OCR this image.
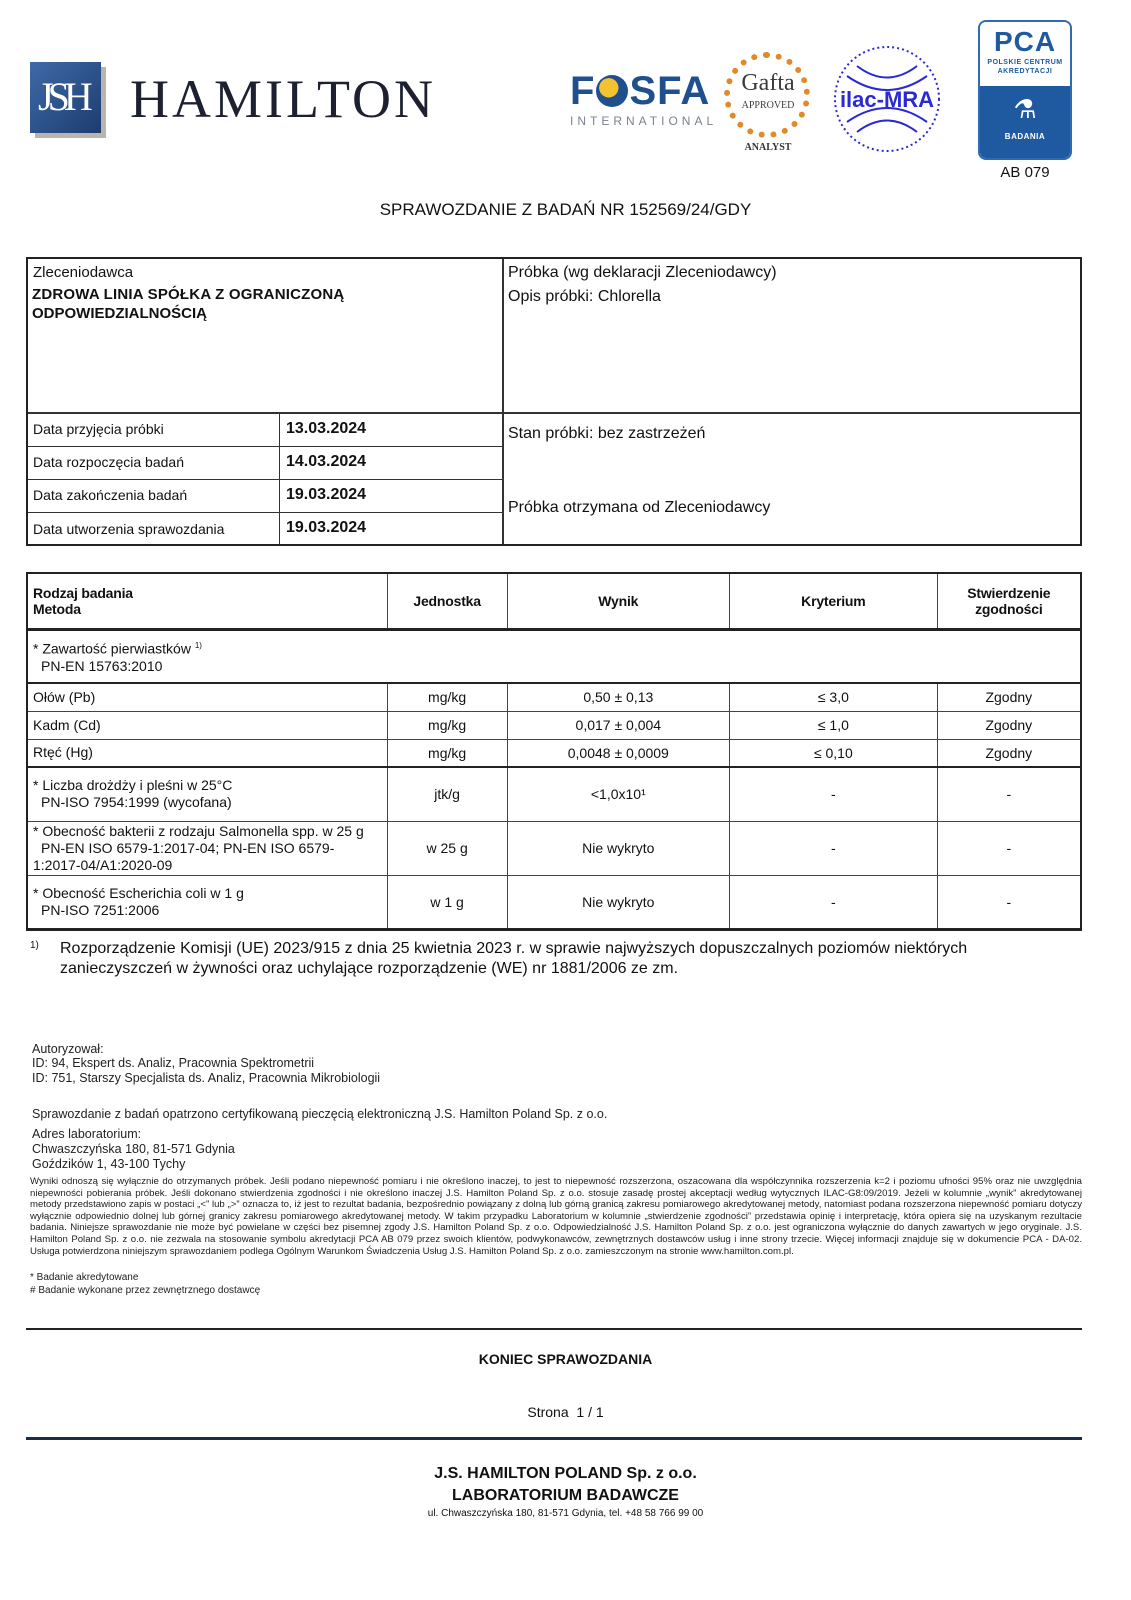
JSH HAMILTON	F SFA
INTERNATIONAL
Gafta
APPROVED
ANALYST
ilac-MRA
PCA
POLSKIE CENTRUM
AKREDYTACJI
⚗
BADANIA
AB 079
SPRAWOZDANIE Z BADAŃ NR 152569/24/GDY
Zleceniodawca
ZDROWA LINIA SPÓŁKA Z OGRANICZONĄ
ODPOWIEDZIALNOŚCIĄ
Próbka (wg deklaracji Zleceniodawcy)
Opis próbki: Chlorella
Data przyjęcia próbki	13.03.2024
Data rozpoczęcia badań	14.03.2024
Data zakończenia badań	19.03.2024
Data utworzenia sprawozdania	19.03.2024
Stan próbki: bez zastrzeżeń
Próbka otrzymana od Zleceniodawcy
Rodzaj badania
Metoda	Jednostka	Wynik	Kryterium	Stwierdzenie
zgodności

* Zawartość pierwiastków $^{1)}$
PN-EN 15763:2010				
Ołów (Pb)	mg/kg	0,50 ± 0,13	≤ 3,0	Zgodny
Kadm (Cd)	mg/kg	0,017 ± 0,004	≤ 1,0	Zgodny
Rtęć (Hg)	mg/kg	0,0048 ± 0,0009	≤ 0,10	Zgodny

* Liczba drożdży i pleśni w 25°C
PN-ISO 7954:1999 (wycofana)	jtk/g	<1,0x10¹	-	-

* Obecność bakterii z rodzaju Salmonella spp. w 25 g
PN-EN ISO 6579-1:2017-04; PN-EN ISO 6579-
1:2017-04/A1:2020-09	w 25 g	Nie wykryto	-	-

* Obecność Escherichia coli w 1 g
PN-ISO 7251:2006	w 1 g	Nie wykryto	-	-
1) Rozporządzenie Komisji (UE) 2023/915 z dnia 25 kwietnia 2023 r. w sprawie najwyższych dopuszczalnych poziomów niektórych zanieczyszczeń w żywności oraz uchylające rozporządzenie (WE) nr 1881/2006 ze zm.
Autoryzował:
ID: 94, Ekspert ds. Analiz, Pracownia Spektrometrii
ID: 751, Starszy Specjalista ds. Analiz, Pracownia Mikrobiologii
Sprawozdanie z badań opatrzono certyfikowaną pieczęcią elektroniczną J.S. Hamilton Poland Sp. z o.o.
Adres laboratorium:
Chwaszczyńska 180, 81-571 Gdynia
Goździków 1, 43-100 Tychy
Wyniki odnoszą się wyłącznie do otrzymanych próbek. Jeśli podano niepewność pomiaru i nie określono inaczej, to jest to niepewność rozszerzona, oszacowana dla współczynnika rozszerzenia k=2 i poziomu ufności 95% oraz nie uwzględnia niepewności pobierania próbek. Jeśli dokonano stwierdzenia zgodności i nie określono inaczej J.S. Hamilton Poland Sp. z o.o. stosuje zasadę prostej akceptacji według wytycznych ILAC-G8:09/2019. Jeżeli w kolumnie „wynik” akredytowanej metody przedstawiono zapis w postaci „<” lub „>” oznacza to, iż jest to rezultat badania, bezpośrednio powiązany z dolną lub górną granicą zakresu pomiarowego akredytowanej metody, natomiast podana rozszerzona niepewność pomiaru dotyczy wyłącznie odpowiednio dolnej lub górnej granicy zakresu pomiarowego akredytowanej metody. W takim przypadku Laboratorium w kolumnie „stwierdzenie zgodności” przedstawia opinię i interpretację, która opiera się na uzyskanym rezultacie badania. Niniejsze sprawozdanie nie może być powielane w części bez pisemnej zgody J.S. Hamilton Poland Sp. z o.o. Odpowiedzialność J.S. Hamilton Poland Sp. z o.o. jest ograniczona wyłącznie do danych zawartych w jego oryginale. J.S. Hamilton Poland Sp. z o.o. nie zezwala na stosowanie symbolu akredytacji PCA AB 079 przez swoich klientów, podwykonawców, zewnętrznych dostawców usług i inne strony trzecie. Więcej informacji znajduje się w dokumencie PCA - DA-02. Usługa potwierdzona niniejszym sprawozdaniem podlega Ogólnym Warunkom Świadczenia Usług J.S. Hamilton Poland Sp. z o.o. zamieszczonym na stronie www.hamilton.com.pl.
* Badanie akredytowane
# Badanie wykonane przez zewnętrznego dostawcę
KONIEC SPRAWOZDANIA
Strona  1 / 1
J.S. HAMILTON POLAND Sp. z o.o.
LABORATORIUM BADAWCZE
ul. Chwaszczyńska 180, 81-571 Gdynia, tel. +48 58 766 99 00
